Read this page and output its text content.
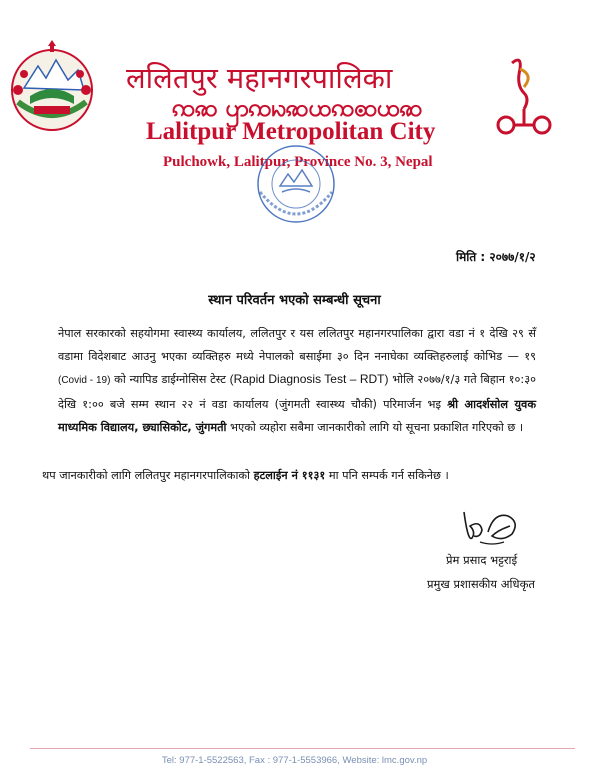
ललितपुर महानगरपालिका
ꩡꩣ ꩥꩡꩢꩣꩤꩡꩧꩤꩣ
Lalitpur Metropolitan City
Pulchowk, Lalitpur, Province No. 3, Nepal
मिति : २०७७/१/२
स्थान परिवर्तन भएको सम्बन्धी सूचना
नेपाल सरकारको सहयोगमा स्वास्थ्य कार्यालय, ललितपुर र यस ललितपुर महानगरपालिका द्वारा वडा नं १ देखि २९ सँ वडामा विदेशबाट आउनु भएका व्यक्तिहरु मध्ये नेपालको बसाईमा ३० दिन ननाघेका व्यक्तिहरुलाई कोभिड — १९ (Covid - 19) को न्यापिड डाईग्नोसिस टेस्ट (Rapid Diagnosis Test – RDT) भोलि २०७७/१/३ गते बिहान १०:३० देखि १:०० बजे सम्म स्थान २२ नं वडा कार्यालय (जुंगमती स्वास्थ्य चौकी) परिमार्जन भइ श्री आदर्शसोल युवक माध्यमिक विद्यालय, छ्यासिकोट, जुंगमती भएको व्यहोरा सबैमा जानकारीको लागि यो सूचना प्रकाशित गरिएको छ ।
थप जानकारीको लागि ललितपुर महानगरपालिकाको हटलाईन नं ११३१ मा पनि सम्पर्क गर्न सकिनेछ ।
प्रेम प्रसाद भट्टराई
प्रमुख प्रशासकीय अधिकृत
Tel: 977-1-5522563, Fax : 977-1-5553966, Website: lmc.gov.np
